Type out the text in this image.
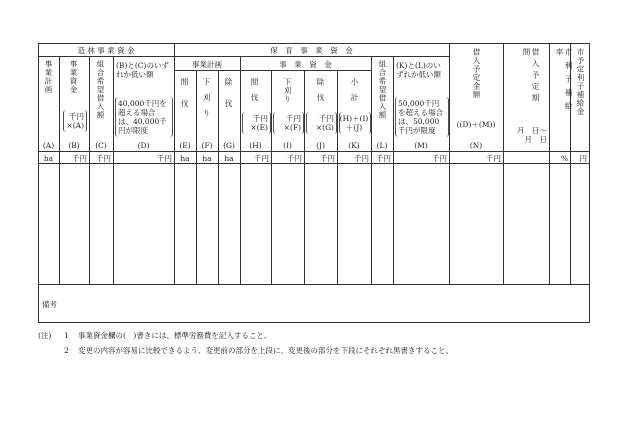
造 林 事 業 資 金	保　育　事　業　資　金
事業計画	事　業　資　金
事業計画
(A)
ha
事業資金
千円
×(A)
(B)
千円
組合希望借入額
(C)
千円
(B)と(C)のいずれか低い額
40,000千円を超える場合は、40,000千円が限度
(D)
千円
間伐
(E)
ha
下刈り
(F)
ha
除伐
(G)
ha
間伐
千円
×(E)
(H)
千円
下刈り
千円
×(F)
(I)
千円
除伐
千円
×(G)
(J)
千円
小計
(H)＋(I)
＋(J)
(K)
千円
組合希望借入額
(L)
千円
(K)と(L)のいずれか低い額
50,000千円を超える場合は、50,000千円が限度
(M)
千円
借入予定金額
((D)＋(M))
(N)
千円
借入予定期間
月　日～
月　日
市利子補給率
%
市予定利子補給金
円
備考
(注) 1 事業資金欄の(　)書きには、標準労務費を記入すること。
2 変更の内容が容易に比較できるよう、変更前の部分を上段に、変更後の部分を下段にそれぞれ黒書きすること。
